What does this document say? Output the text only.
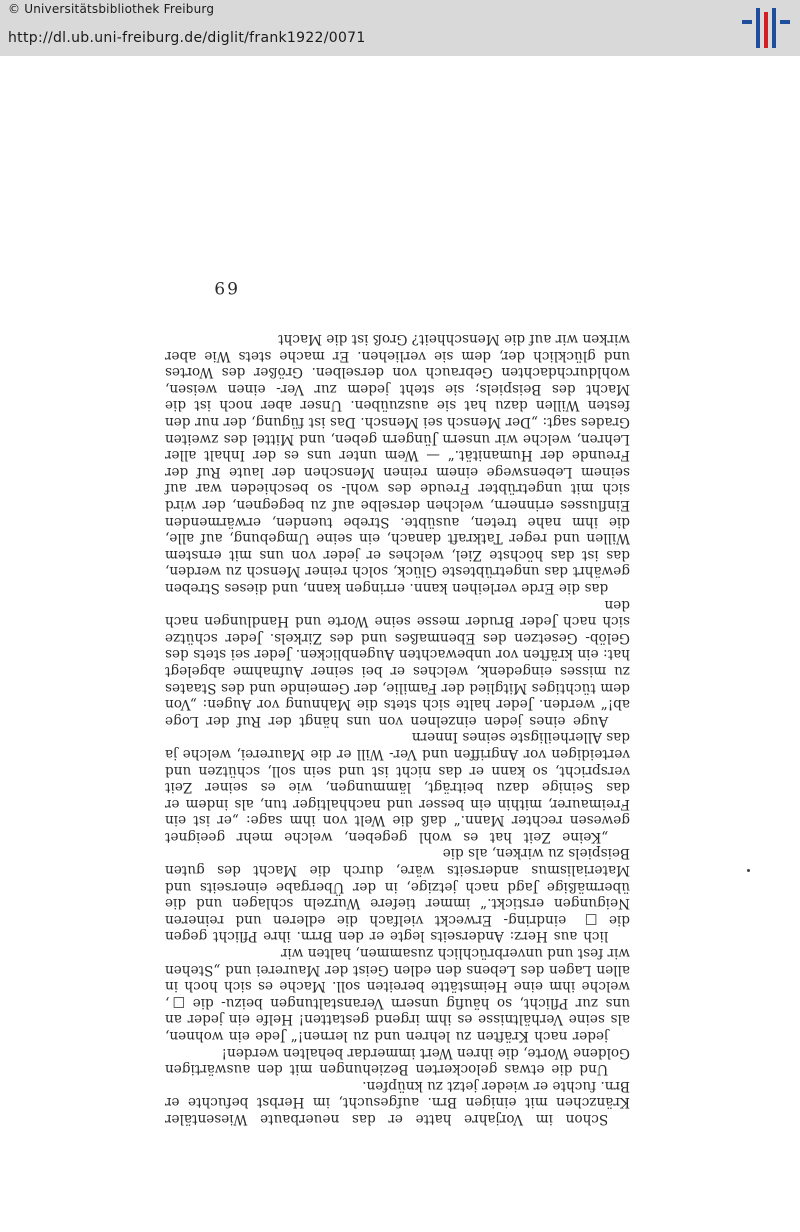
© Universitätsbibliothek Freiburg
http://dl.ub.uni-freiburg.de/diglit/frank1922/0071
69

Schon im Vorjahre hatte er das neuerbaute Wiesentäler Kränzchen mit einigen Brn. aufgesucht, im Herbst befuchte er Brn. fuchte er wieder jetzt zu knüpfen.

Und die etwas gelockerten Beziehungen mit den auswärtigen Goldene Worte, die ihren Wert immerdar behalten werden!

jeder nach Kräften zu lehren und zu lernen!“ Jede ein wohnen, als seine Verhältnisse es ihm irgend gestatten! Helfe ein jeder an uns zur Pflicht, so häufig unsern Veranstaltungen beizu- die □, welche ihm eine Heimstätte bereiten soll. Mache es sich hoch in allen Lagen des Lebens den edlen Geist der Maurerei und „Stehen wir fest und unverbrüchlich zusammen, halten wir

lich aus Herz: Anderseits legte er den Brrn. ihre Pflicht gegen die □ eindring- Erweckt vielfach die edleren und reineren Neigungen erstickt.“ immer tiefere Wurzeln schlagen und die übermäßige Jagd nach jetzige, in der Übergabe einerseits und Materialismus anderseits wäre, durch die Macht des guten Beispiels zu wirken, als die

„Keine Zeit hat es wohl gegeben, welche mehr geeignet gewesen rechter Mann.“ daß die Welt von ihm sage: „er ist ein Freimaurer, mithin ein besser und nachhaltiger tun, als indem er das Seinige dazu beiträgt, lämmungen, wie es seiner Zeit verspricht, so kann er das nicht ist und sein soll, schützen und verteidigen vor Angriffen und Ver- Will er die Maurerei, welche ja das Allerheiligste seines Innern

Auge eines jeden einzelnen von uns hängt der Ruf der Loge ab!“ werden. Jeder halte sich stets die Mahnung vor Augen: „Von dem tüchtiges Mitglied der Familie, der Gemeinde und des Staates zu misses eingedenk, welches er bei seiner Aufnahme abgelegt hat: ein kräften vor unbewachten Augenblicken. Jeder sei stets des Gelöb- Gesetzen des Ebenmaßes und des Zirkels. Jeder schütze sich nach Jeder Bruder messe seine Worte und Handlungen nach den

das die Erde verleihen kann. erringen kann, und dieses Streben gewährt das ungetrübteste Glück, solch reiner Mensch zu werden, das ist das höchste Ziel, welches er jeder von uns mit ernstem Willen und reger Tatkraft danach, ein seine Umgebung, auf alle, die ihm nahe treten, ausübte. Strebe tuenden, erwärmenden Einflusses erinnern, welchen derselbe auf zu begegnen, der wird sich mit ungetrübter Freude des wohl- so beschieden war auf seinem Lebenswege einem reinen Menschen der laute Ruf der Freunde der Humanität.“ — Wem unter uns es der Inhalt aller Lehren, welche wir unsern Jüngern geben, und Mittel des zweiten Grades sagt: „Der Mensch sei Mensch. Das ist fügung, der nur den festen Willen dazu hat sie auszuüben. Unser aber noch ist die Macht des Beispiels; sie steht jedem zur Ver- einen weisen, wohldurchdachten Gebrauch von derselben. Größer des Wortes und glücklich der, dem sie verliehen. Er mache stets Wie aber wirken wir auf die Menschheit? Groß ist die Macht
